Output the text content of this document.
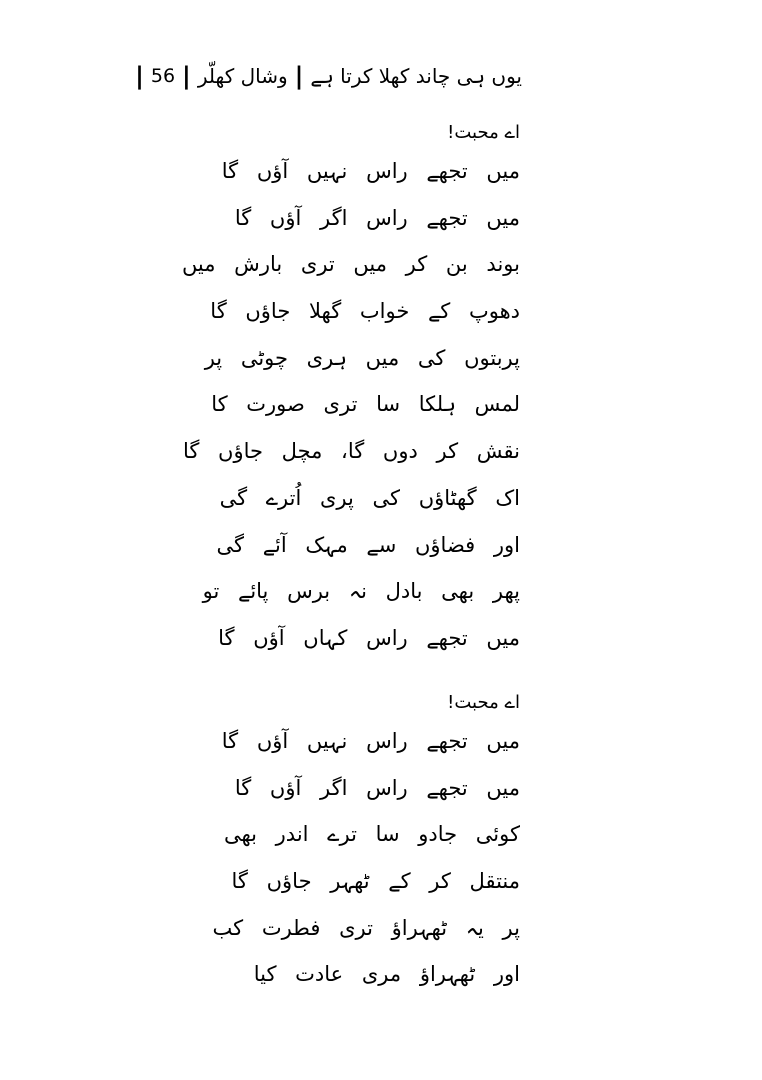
یوں ہی چاند کھلا کرتا ہے
|
وشال کھلّر
|
56
|
اے محبت!
میں تجھے راس نہیں آؤں گا
میں تجھے راس اگر آؤں گا
بوند بن کر میں تری بارش میں
دھوپ کے خواب گھلا جاؤں گا
پربتوں کی میں ہری چوٹی پر
لمس ہلکا سا تری صورت کا
نقش کر دوں گا، مچل جاؤں گا
اک گھٹاؤں کی پری اُترے گی
اور فضاؤں سے مہک آئے گی
پھر بھی بادل نہ برس پائے تو
میں تجھے راس کہاں آؤں گا
اے محبت!
میں تجھے راس نہیں آؤں گا
میں تجھے راس اگر آؤں گا
کوئی جادو سا ترے اندر بھی
منتقل کر کے ٹھہر جاؤں گا
پر یہ ٹھہراؤ تری فطرت کب
اور ٹھہراؤ مری عادت کیا
